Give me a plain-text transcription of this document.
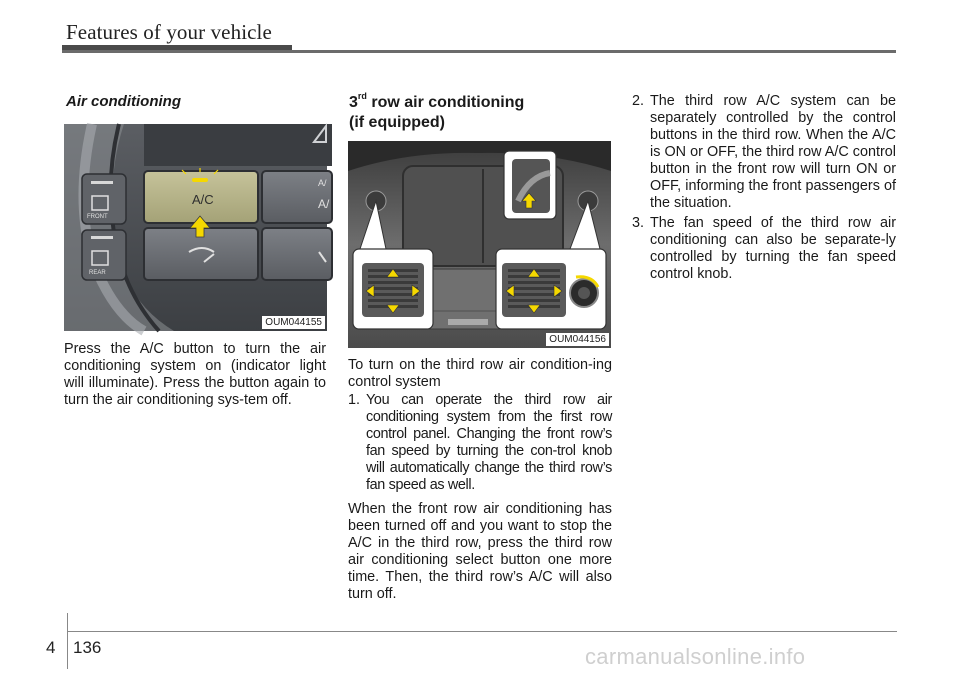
Features of your vehicle
Air conditioning
FRONT
REAR
A/C
A/
A/
OUM044155

Press the A/C button to turn the air conditioning system on (indicator light will illuminate). Press the button again to turn the air conditioning sys-tem off.

3rd row air conditioning
(if equipped)
OUM044156

To turn on the third row air condition-ing control system

1. You can operate the third row air conditioning system from the first row control panel. Changing the front row’s fan speed by turning the con-trol knob will automatically change the third row’s fan speed as well.

When the front row air conditioning has been turned off and you want to stop the A/C in the third row, press the third row air conditioning select button one more time. Then, the third row’s A/C will also turn off.

2. The third row A/C system can be separately controlled by the control buttons in the third row. When the A/C is ON or OFF, the third row A/C control button in the front row will turn ON or OFF, informing the front passengers of the situation.
3. The fan speed of the third row air conditioning can also be separate-ly controlled by turning the fan speed control knob.
4 136	carmanualsonline.info
